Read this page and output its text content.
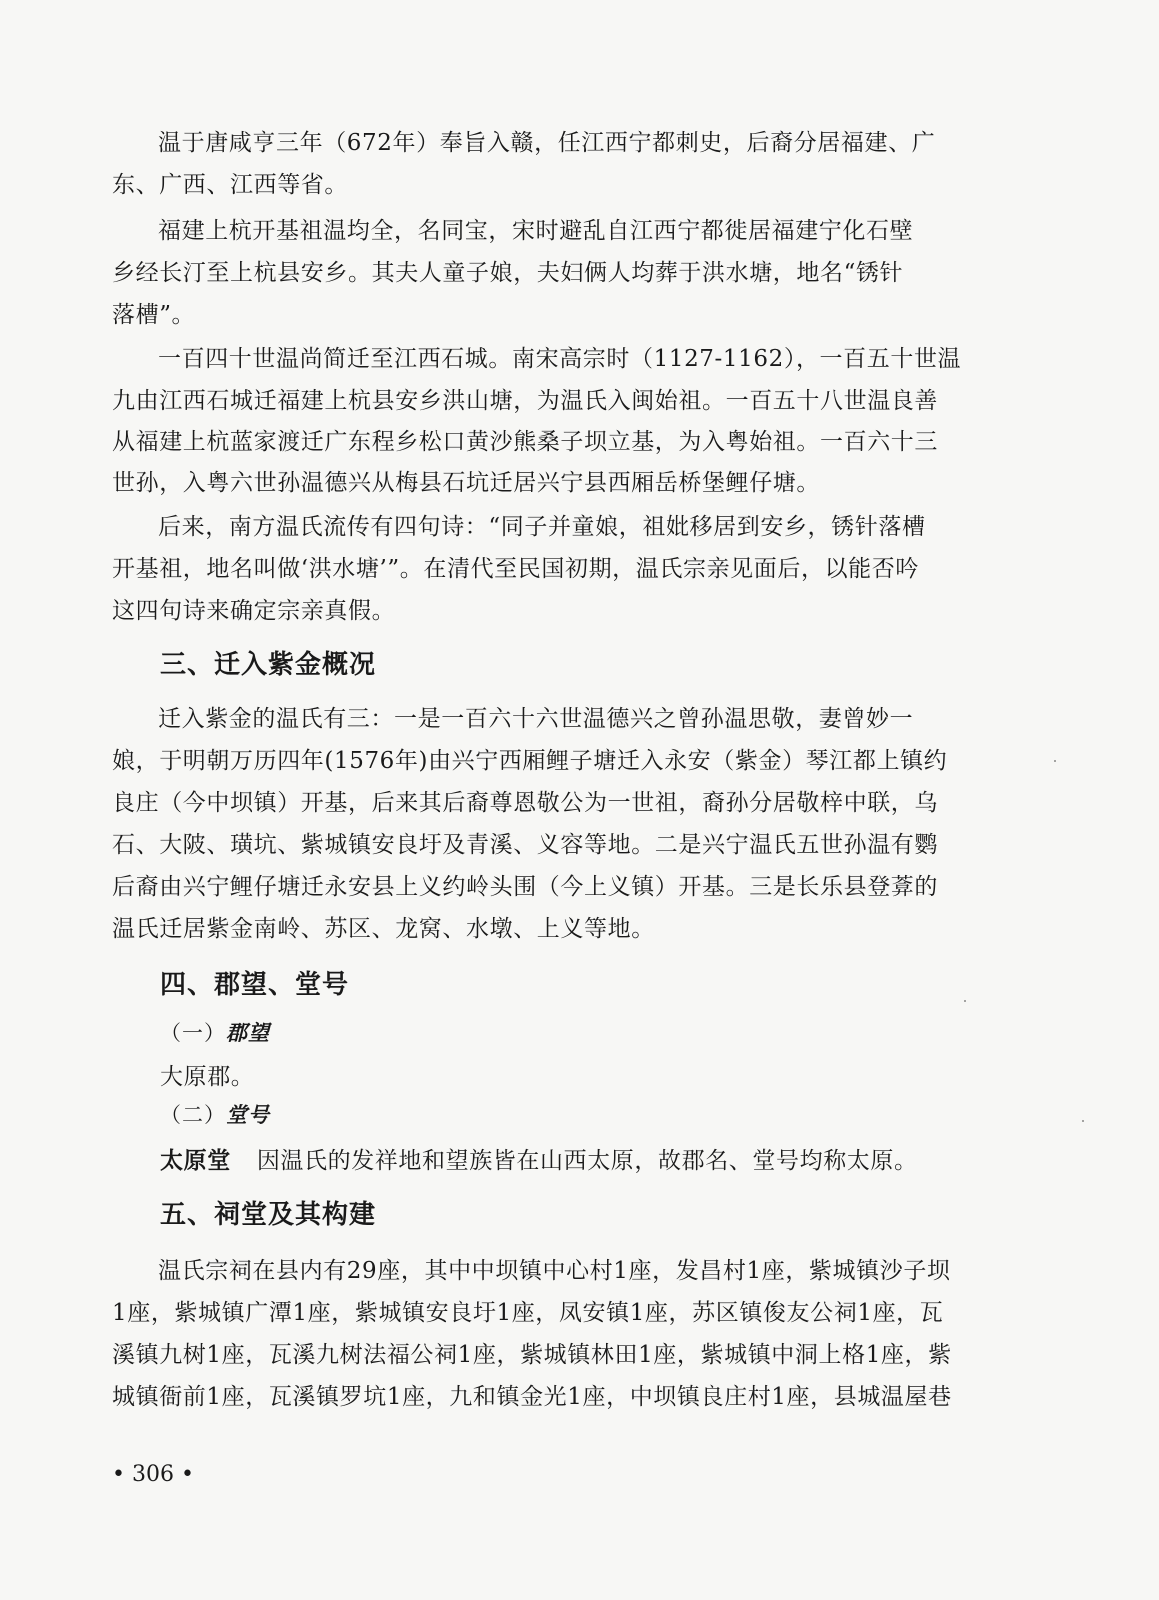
温于唐咸亨三年（672年）奉旨入赣，任江西宁都刺史，后裔分居福建、广
东、广西、江西等省。
福建上杭开基祖温均全，名同宝，宋时避乱自江西宁都徙居福建宁化石壁
乡经长汀至上杭县安乡。其夫人童子娘，夫妇俩人均葬于洪水塘，地名“锈针
落槽”。
一百四十世温尚简迁至江西石城。南宋高宗时（1127-1162），一百五十世温
九由江西石城迁福建上杭县安乡洪山塘，为温氏入闽始祖。一百五十八世温良善
从福建上杭蓝家渡迁广东程乡松口黄沙熊桑子坝立基，为入粤始祖。一百六十三
世孙，入粤六世孙温德兴从梅县石坑迁居兴宁县西厢岳桥堡鲤仔塘。
后来，南方温氏流传有四句诗：“同子并童娘，祖妣移居到安乡，锈针落槽
开基祖，地名叫做‘洪水塘’”。在清代至民国初期，温氏宗亲见面后，以能否吟
这四句诗来确定宗亲真假。
三、迁入紫金概况
迁入紫金的温氏有三：一是一百六十六世温德兴之曾孙温思敬，妻曾妙一
娘，于明朝万历四年(1576年)由兴宁西厢鲤子塘迁入永安（紫金）琴江都上镇约
良庄（今中坝镇）开基，后来其后裔尊恩敬公为一世祖，裔孙分居敬梓中联，乌
石、大陂、璜坑、紫城镇安良圩及青溪、义容等地。二是兴宁温氏五世孙温有鹦
后裔由兴宁鲤仔塘迁永安县上义约岭头围（今上义镇）开基。三是长乐县登葊的
温氏迁居紫金南岭、苏区、龙窝、水墩、上义等地。
四、郡望、堂号
（一）郡望
大原郡。
（二）堂号
太原堂 因温氏的发祥地和望族皆在山西太原，故郡名、堂号均称太原。
五、祠堂及其构建
温氏宗祠在县内有29座，其中中坝镇中心村1座，发昌村1座，紫城镇沙子坝
1座，紫城镇广潭1座，紫城镇安良圩1座，凤安镇1座，苏区镇俊友公祠1座，瓦
溪镇九树1座，瓦溪九树法福公祠1座，紫城镇林田1座，紫城镇中洞上格1座，紫
城镇衙前1座，瓦溪镇罗坑1座，九和镇金光1座，中坝镇良庄村1座，县城温屋巷
• 306 •
